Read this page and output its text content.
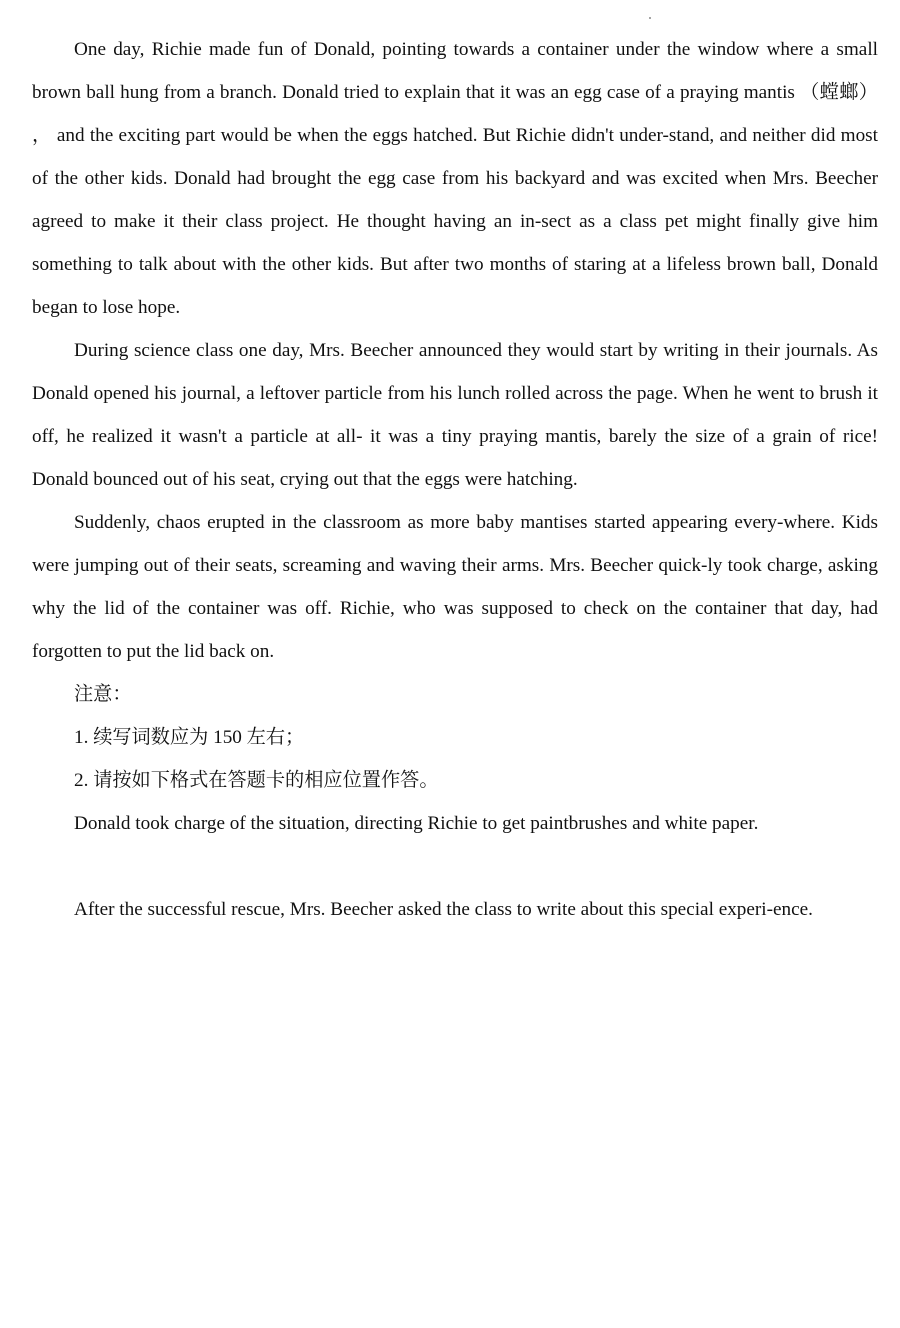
One day, Richie made fun of Donald, pointing towards a container under the window where a small brown ball hung from a branch. Donald tried to explain that it was an egg case of a praying mantis （螳螂） ， and the exciting part would be when the eggs hatched. But Richie didn't under-stand, and neither did most of the other kids. Donald had brought the egg case from his backyard and was excited when Mrs. Beecher agreed to make it their class project. He thought having an in-sect as a class pet might finally give him something to talk about with the other kids. But after two months of staring at a lifeless brown ball, Donald began to lose hope.

During science class one day, Mrs. Beecher announced they would start by writing in their journals. As Donald opened his journal, a leftover particle from his lunch rolled across the page. When he went to brush it off, he realized it wasn't a particle at all- it was a tiny praying mantis, barely the size of a grain of rice! Donald bounced out of his seat, crying out that the eggs were hatching.

Suddenly, chaos erupted in the classroom as more baby mantises started appearing every-where. Kids were jumping out of their seats, screaming and waving their arms. Mrs. Beecher quick-ly took charge, asking why the lid of the container was off. Richie, who was supposed to check on the container that day, had forgotten to put the lid back on.

注意：

1. 续写词数应为 150 左右；

2. 请按如下格式在答题卡的相应位置作答。

Donald took charge of the situation, directing Richie to get paintbrushes and white paper.

After the successful rescue, Mrs. Beecher asked the class to write about this special experi-ence.
